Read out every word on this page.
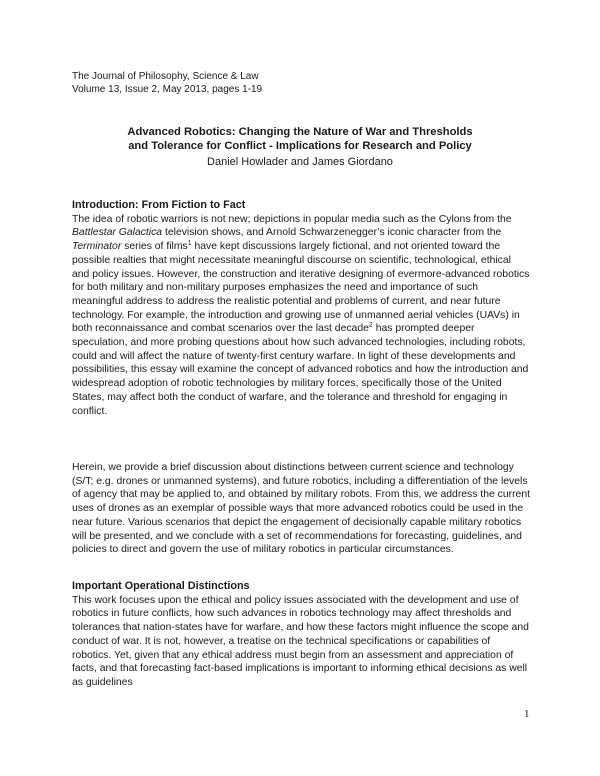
The Journal of Philosophy, Science & Law
Volume 13, Issue 2, May 2013, pages 1-19
Advanced Robotics: Changing the Nature of War and Thresholds
and Tolerance for Conflict - Implications for Research and Policy
Daniel Howlader and James Giordano
Introduction: From Fiction to Fact

The idea of robotic warriors is not new; depictions in popular media such as the Cylons from the Battlestar Galactica television shows, and Arnold Schwarzenegger’s iconic character from the Terminator series of films$^1$ have kept discussions largely fictional, and not oriented toward the possible realties that might necessitate meaningful discourse on scientific, technological, ethical and policy issues. However, the construction and iterative designing of evermore-advanced robotics for both military and non-military purposes emphasizes the need and importance of such meaningful address to address the realistic potential and problems of current, and near future technology. For example, the introduction and growing use of unmanned aerial vehicles (UAVs) in both reconnaissance and combat scenarios over the last decade$^2$ has prompted deeper speculation, and more probing questions about how such advanced technologies, including robots, could and will affect the nature of twenty-first century warfare. In light of these developments and possibilities, this essay will examine the concept of advanced robotics and how the introduction and widespread adoption of robotic technologies by military forces, specifically those of the United States, may affect both the conduct of warfare, and the tolerance and threshold for engaging in conflict.

Herein, we provide a brief discussion about distinctions between current science and technology (S/T; e.g. drones or unmanned systems), and future robotics, including a differentiation of the levels of agency that may be applied to, and obtained by military robots. From this, we address the current uses of drones as an exemplar of possible ways that more advanced robotics could be used in the near future. Various scenarios that depict the engagement of decisionally capable military robotics will be presented, and we conclude with a set of recommendations for forecasting, guidelines, and policies to direct and govern the use of military robotics in particular circumstances.

Important Operational Distinctions

This work focuses upon the ethical and policy issues associated with the development and use of robotics in future conflicts, how such advances in robotics technology may affect thresholds and tolerances that nation-states have for warfare, and how these factors might influence the scope and conduct of war. It is not, however, a treatise on the technical specifications or capabilities of robotics. Yet, given that any ethical address must begin from an assessment and appreciation of facts, and that forecasting fact-based implications is important to informing ethical decisions as well as guidelines

1
